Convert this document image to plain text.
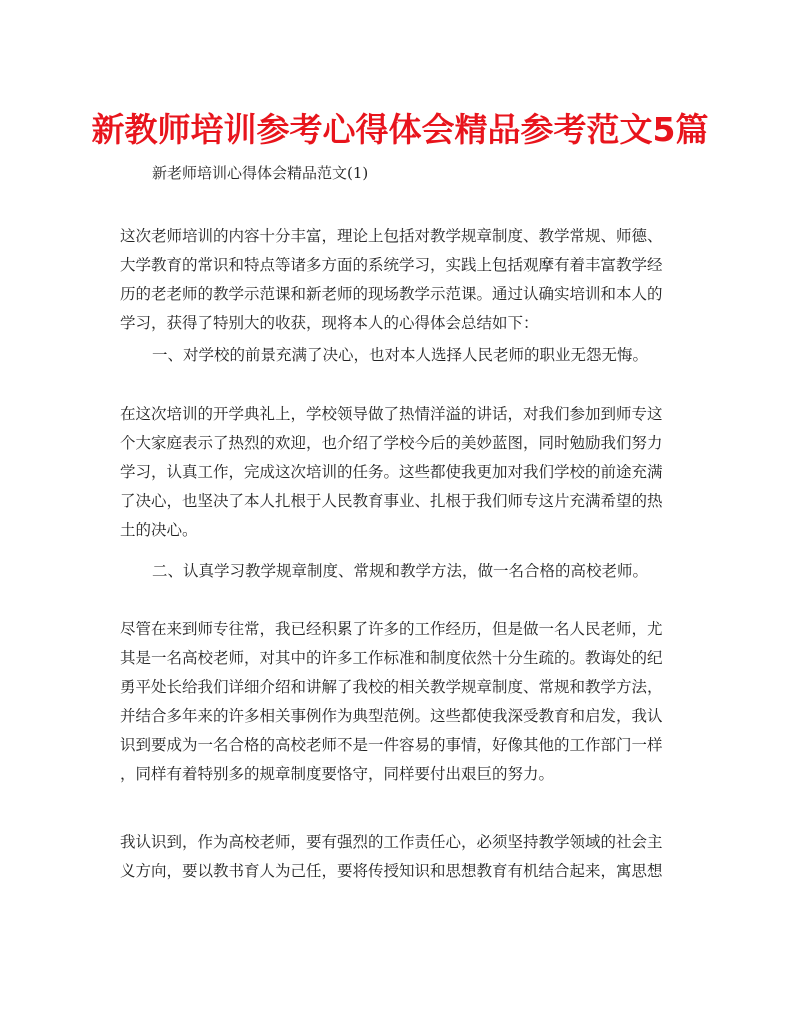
新教师培训参考心得体会精品参考范文5篇
新老师培训心得体会精品范文(1)
这次老师培训的内容十分丰富，理论上包括对教学规章制度、教学常规、师德、
大学教育的常识和特点等诸多方面的系统学习，实践上包括观摩有着丰富教学经
历的老老师的教学示范课和新老师的现场教学示范课。通过认确实培训和本人的
学习，获得了特别大的收获，现将本人的心得体会总结如下：
一、对学校的前景充满了决心，也对本人选择人民老师的职业无怨无悔。
在这次培训的开学典礼上，学校领导做了热情洋溢的讲话，对我们参加到师专这
个大家庭表示了热烈的欢迎，也介绍了学校今后的美妙蓝图，同时勉励我们努力
学习，认真工作，完成这次培训的任务。这些都使我更加对我们学校的前途充满
了决心，也坚决了本人扎根于人民教育事业、扎根于我们师专这片充满希望的热
土的决心。
二、认真学习教学规章制度、常规和教学方法，做一名合格的高校老师。
尽管在来到师专往常，我已经积累了许多的工作经历，但是做一名人民老师，尤
其是一名高校老师，对其中的许多工作标准和制度依然十分生疏的。教诲处的纪
勇平处长给我们详细介绍和讲解了我校的相关教学规章制度、常规和教学方法，
并结合多年来的许多相关事例作为典型范例。这些都使我深受教育和启发，我认
识到要成为一名合格的高校老师不是一件容易的事情，好像其他的工作部门一样
，同样有着特别多的规章制度要恪守，同样要付出艰巨的努力。
我认识到，作为高校老师，要有强烈的工作责任心，必须坚持教学领域的社会主
义方向，要以教书育人为己任，要将传授知识和思想教育有机结合起来，寓思想
